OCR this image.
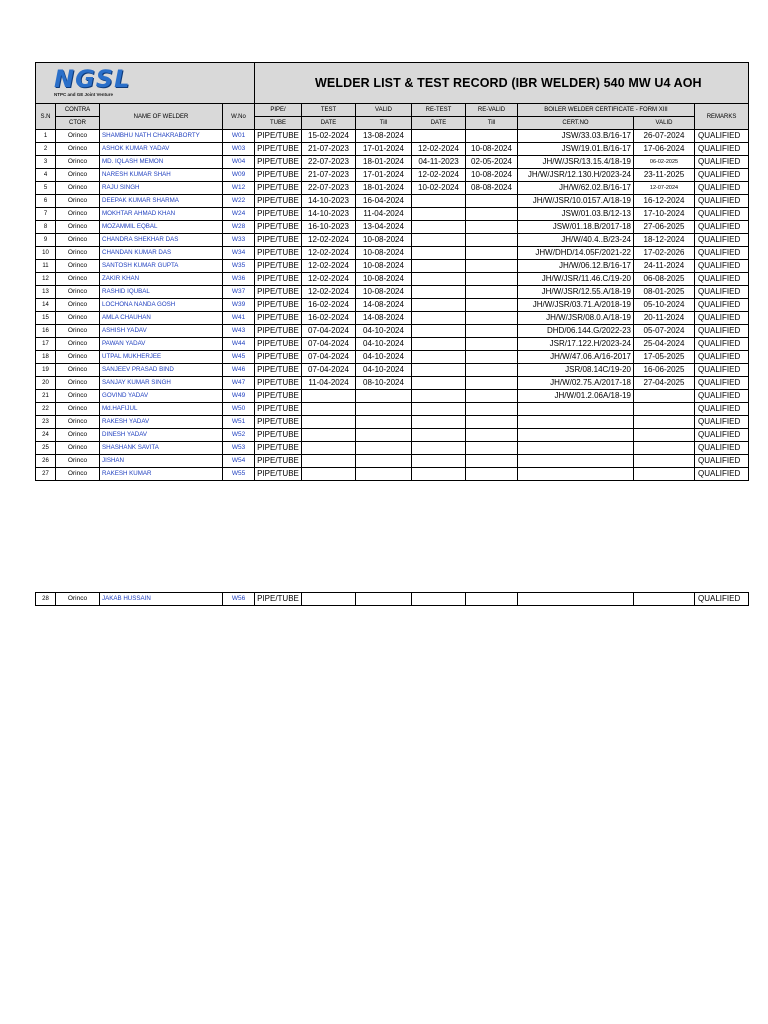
NGSL
NTPC and GE Joint Venture				WELDER LIST & TEST RECORD (IBR WELDER) 540 MW U4 AOH							
S.N	CONTRA	NAME OF WELDER	W.No	PIPE/	TEST	VALID	RE-TEST	RE-VALID	BOILER WELDER CERTIFICATE - FORM XIII		REMARKS
	CTOR			TUBE	DATE	Till	DATE	Till	CERT.NO	VALID	
1	Orinco	SHAMBHU NATH CHAKRABORTY	W01	PIPE/TUBE	15-02-2024	13-08-2024			JSW/33.03.B/16-17	26-07-2024	QUALIFIED
2	Orinco	ASHOK KUMAR YADAV	W03	PIPE/TUBE	21-07-2023	17-01-2024	12-02-2024	10-08-2024	JSW/19.01.B/16-17	17-06-2024	QUALIFIED
3	Orinco	MD. IQLASH MEMON	W04	PIPE/TUBE	22-07-2023	18-01-2024	04-11-2023	02-05-2024	JH/W/JSR/13.15.4/18-19	06-02-2025	QUALIFIED
4	Orinco	NARESH KUMAR SHAH	W09	PIPE/TUBE	21-07-2023	17-01-2024	12-02-2024	10-08-2024	JH/W/JSR/12.130.H/2023-24	23-11-2025	QUALIFIED
5	Orinco	RAJU SINGH	W12	PIPE/TUBE	22-07-2023	18-01-2024	10-02-2024	08-08-2024	JH/W/62.02.B/16-17	12-07-2024	QUALIFIED
6	Orinco	DEEPAK KUMAR SHARMA	W22	PIPE/TUBE	14-10-2023	16-04-2024			JH/W/JSR/10.0157.A/18-19	16-12-2024	QUALIFIED
7	Orinco	MOKHTAR AHMAD KHAN	W24	PIPE/TUBE	14-10-2023	11-04-2024			JSW/01.03.B/12-13	17-10-2024	QUALIFIED
8	Orinco	MOZAMMIL EQBAL	W28	PIPE/TUBE	16-10-2023	13-04-2024			JSW/01.18.B/2017-18	27-06-2025	QUALIFIED
9	Orinco	CHANDRA SHEKHAR DAS	W33	PIPE/TUBE	12-02-2024	10-08-2024			JH/W/40.4..B/23-24	18-12-2024	QUALIFIED
10	Orinco	CHANDAN KUMAR DAS	W34	PIPE/TUBE	12-02-2024	10-08-2024			JHW/DHD/14.05F/2021-22	17-02-2026	QUALIFIED
11	Orinco	SANTOSH KUMAR GUPTA	W35	PIPE/TUBE	12-02-2024	10-08-2024			JH/W/06.12.B/16-17	24-11-2024	QUALIFIED
12	Orinco	ZAKIR KHAN	W36	PIPE/TUBE	12-02-2024	10-08-2024			JH/W/JSR/11.46.C/19-20	06-08-2025	QUALIFIED
13	Orinco	RASHID IQUBAL	W37	PIPE/TUBE	12-02-2024	10-08-2024			JH/W/JSR/12.55.A/18-19	08-01-2025	QUALIFIED
14	Orinco	LOCHONA NANDA GOSH	W39	PIPE/TUBE	16-02-2024	14-08-2024			JH/W/JSR/03.71.A/2018-19	05-10-2024	QUALIFIED
15	Orinco	AMLA CHAUHAN	W41	PIPE/TUBE	16-02-2024	14-08-2024			JH/W/JSR/08.0.A/18-19	20-11-2024	QUALIFIED
16	Orinco	ASHISH YADAV	W43	PIPE/TUBE	07-04-2024	04-10-2024			DHD/06.144.G/2022-23	05-07-2024	QUALIFIED
17	Orinco	PAWAN YADAV	W44	PIPE/TUBE	07-04-2024	04-10-2024			JSR/17.122.H/2023-24	25-04-2024	QUALIFIED
18	Orinco	UTPAL MUKHERJEE	W45	PIPE/TUBE	07-04-2024	04-10-2024			JH/W/47.06.A/16-2017	17-05-2025	QUALIFIED
19	Orinco	SANJEEV PRASAD BIND	W46	PIPE/TUBE	07-04-2024	04-10-2024			JSR/08.14C/19-20	16-06-2025	QUALIFIED
20	Orinco	SANJAY KUMAR SINGH	W47	PIPE/TUBE	11-04-2024	08-10-2024			JH/W/02.75.A/2017-18	27-04-2025	QUALIFIED
21	Orinco	GOVIND YADAV	W49	PIPE/TUBE					JH/W/01.2.06A/18-19		QUALIFIED
22	Orinco	Md.HAFIJUL	W50	PIPE/TUBE							QUALIFIED
23	Orinco	RAKESH YADAV	W51	PIPE/TUBE							QUALIFIED
24	Orinco	DINESH YADAV	W52	PIPE/TUBE							QUALIFIED
25	Orinco	SHASHANK SAVITA	W53	PIPE/TUBE							QUALIFIED
26	Orinco	JISHAN	W54	PIPE/TUBE							QUALIFIED
27	Orinco	RAKESH KUMAR	W55	PIPE/TUBE							QUALIFIED
28	Orinco	JAKAB HUSSAIN	W56	PIPE/TUBE							QUALIFIED
